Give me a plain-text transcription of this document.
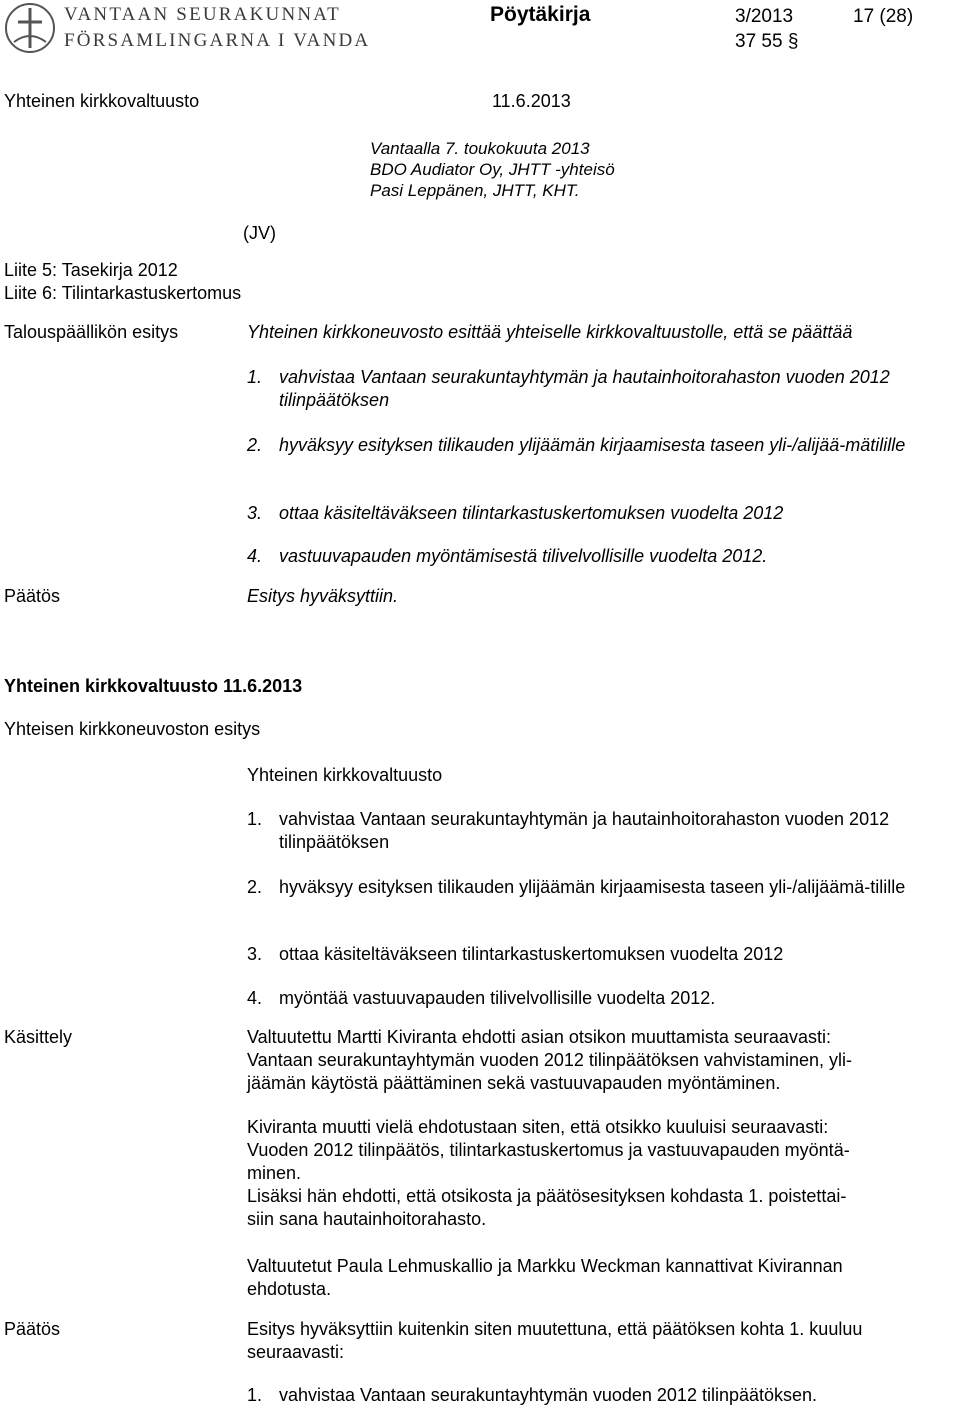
VANTAAN SEURAKUNNAT
FÖRSAMLINGARNA I VANDA
Pöytäkirja	3/2013	17 (28)
37 55 §
Yhteinen kirkkovaltuusto	11.6.2013
Vantaalla 7. toukokuuta 2013
BDO Audiator Oy, JHTT -yhteisö
Pasi Leppänen, JHTT, KHT.
(JV)
Liite 5: Tasekirja 2012
Liite 6: Tilintarkastuskertomus
Talouspäällikön esitys	Yhteinen kirkkoneuvosto esittää yhteiselle kirkkovaltuustolle, että se päättää
1. vahvistaa Vantaan seurakuntayhtymän ja hautainhoitorahaston vuoden 2012 tilinpäätöksen
2. hyväksyy esityksen tilikauden ylijäämän kirjaamisesta taseen yli-/alijää-mätilille
3. ottaa käsiteltäväkseen tilintarkastuskertomuksen vuodelta 2012
4. vastuuvapauden myöntämisestä tilivelvollisille vuodelta 2012.
Päätös	Esitys hyväksyttiin.
Yhteinen kirkkovaltuusto 11.6.2013
Yhteisen kirkkoneuvoston esitys
Yhteinen kirkkovaltuusto
1. vahvistaa Vantaan seurakuntayhtymän ja hautainhoitorahaston vuoden 2012 tilinpäätöksen
2. hyväksyy esityksen tilikauden ylijäämän kirjaamisesta taseen yli-/alijäämä-tilille
3. ottaa käsiteltäväkseen tilintarkastuskertomuksen vuodelta 2012
4. myöntää vastuuvapauden tilivelvollisille vuodelta 2012.
Käsittely	Valtuutettu Martti Kiviranta ehdotti asian otsikon muuttamista seuraavasti:
Vantaan seurakuntayhtymän vuoden 2012 tilinpäätöksen vahvistaminen, yli-
jäämän käytöstä päättäminen sekä vastuuvapauden myöntäminen.
Kiviranta muutti vielä ehdotustaan siten, että otsikko kuuluisi seuraavasti:
Vuoden 2012 tilinpäätös, tilintarkastuskertomus ja vastuuvapauden myöntä-
minen.
Lisäksi hän ehdotti, että otsikosta ja päätösesityksen kohdasta 1. poistettai-
siin sana hautainhoitorahasto.
Valtuutetut Paula Lehmuskallio ja Markku Weckman kannattivat Kivirannan
ehdotusta.
Päätös	Esitys hyväksyttiin kuitenkin siten muutettuna, että päätöksen kohta 1. kuuluu
seuraavasti:
1. vahvistaa Vantaan seurakuntayhtymän vuoden 2012 tilinpäätöksen.
